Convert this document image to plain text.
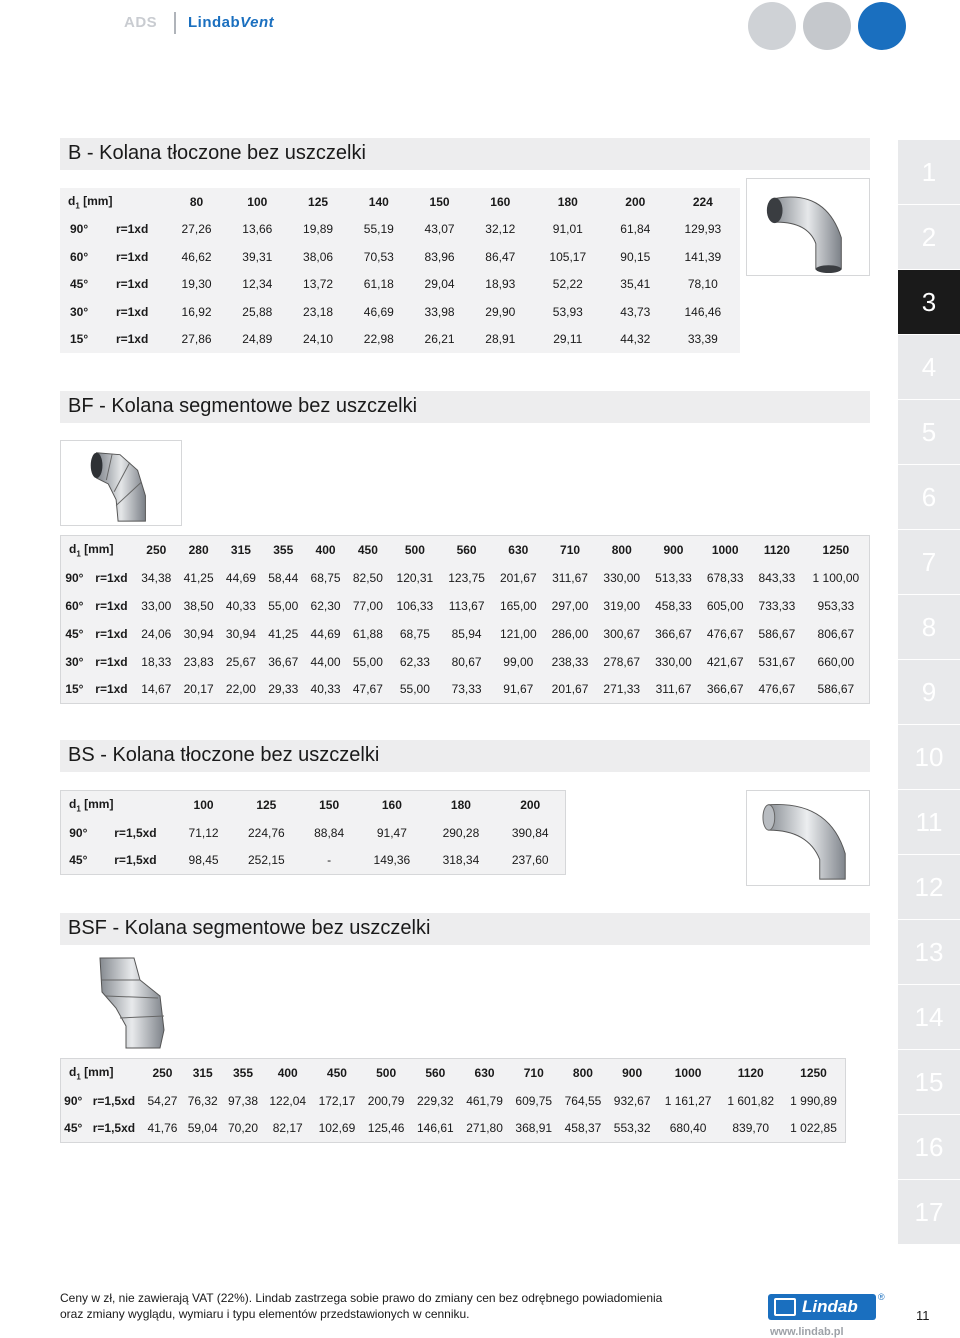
ADS LindabVent
1
2
3
4
5
6
7
8
9
10
11
12
13
14
15
16
17
B - Kolana tłoczone bez uszczelki
$d_1$ [mm]		80	100	125	140	150	160	180	200	224
90°	r=1xd	27,26	13,66	19,89	55,19	43,07	32,12	91,01	61,84	129,93
60°	r=1xd	46,62	39,31	38,06	70,53	83,96	86,47	105,17	90,15	141,39
45°	r=1xd	19,30	12,34	13,72	61,18	29,04	18,93	52,22	35,41	78,10
30°	r=1xd	16,92	25,88	23,18	46,69	33,98	29,90	53,93	43,73	146,46
15°	r=1xd	27,86	24,89	24,10	22,98	26,21	28,91	29,11	44,32	33,39
BF - Kolana segmentowe bez uszczelki
$d_1$ [mm]		250	280	315	355	400	450	500	560	630	710	800	900	1000	1120	1250
90°	r=1xd	34,38	41,25	44,69	58,44	68,75	82,50	120,31	123,75	201,67	311,67	330,00	513,33	678,33	843,33	1 100,00
60°	r=1xd	33,00	38,50	40,33	55,00	62,30	77,00	106,33	113,67	165,00	297,00	319,00	458,33	605,00	733,33	953,33
45°	r=1xd	24,06	30,94	30,94	41,25	44,69	61,88	68,75	85,94	121,00	286,00	300,67	366,67	476,67	586,67	806,67
30°	r=1xd	18,33	23,83	25,67	36,67	44,00	55,00	62,33	80,67	99,00	238,33	278,67	330,00	421,67	531,67	660,00
15°	r=1xd	14,67	20,17	22,00	29,33	40,33	47,67	55,00	73,33	91,67	201,67	271,33	311,67	366,67	476,67	586,67
BS - Kolana tłoczone bez uszczelki
$d_1$ [mm]		100	125	150	160	180	200
90°	r=1,5xd	71,12	224,76	88,84	91,47	290,28	390,84
45°	r=1,5xd	98,45	252,15	-	149,36	318,34	237,60
BSF - Kolana segmentowe bez uszczelki
$d_1$ [mm]		250	315	355	400	450	500	560	630	710	800	900	1000	1120	1250
90°	r=1,5xd	54,27	76,32	97,38	122,04	172,17	200,79	229,32	461,79	609,75	764,55	932,67	1 161,27	1 601,82	1 990,89
45°	r=1,5xd	41,76	59,04	70,20	82,17	102,69	125,46	146,61	271,80	368,91	458,37	553,32	680,40	839,70	1 022,85
Ceny w zł, nie zawierają VAT (22%). Lindab zastrzega sobie prawo do zmiany cen bez odrębnego powiadomienia
oraz zmiany wyglądu, wymiaru i typu elementów przedstawionych w cenniku.	Lindab ®
www.lindab.pl
11
